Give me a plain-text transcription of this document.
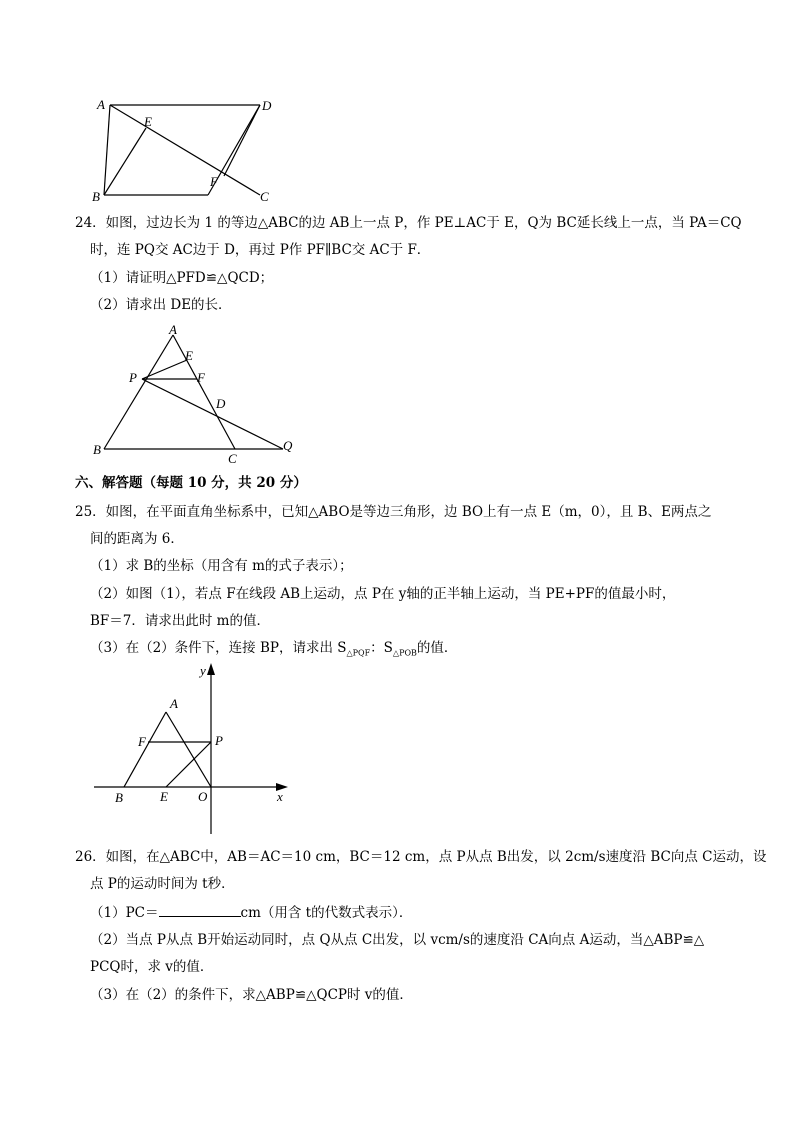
A	D
E
F
B	C
24．如图，过边长为 1 的等边△ABC的边 AB上一点 P，作 PE⊥AC于 E，Q为 BC延长线上一点，当 PA＝CQ
时，连 PQ交 AC边于 D，再过 P作 PF∥BC交 AC于 F．
（1）请证明△PFD≌△QCD；
（2）请求出 DE的长．
A
E
P	F
D
B
C
Q
六、解答题（每题 10 分，共 20 分）
25．如图，在平面直角坐标系中，已知△ABO是等边三角形，边 BO上有一点 E（m，0），且 B、E两点之
间的距离为 6．
（1）求 B的坐标（用含有 m的式子表示）；
（2）如图（1），若点 F在线段 AB上运动，点 P在 y轴的正半轴上运动，当 PE+PF的值最小时，
BF＝7．请求出此时 m的值．
（3）在（2）条件下，连接 BP，请求出 $S_{\triangle PQF}$：$S_{\triangle POB}$的值．
y
x
A
F	P
B	E O
26．如图，在△ABC中，AB＝AC＝10 cm，BC＝12 cm，点 P从点 B出发，以 2cm/s速度沿 BC向点 C运动，设
点 P的运动时间为 t秒．
（1）PC＝	cm（用含 t的代数式表示）．
（2）当点 P从点 B开始运动同时，点 Q从点 C出发，以 vcm/s的速度沿 CA向点 A运动，当△ABP≌△
PCQ时，求 v的值．
（3）在（2）的条件下，求△ABP≌△QCP时 v的值．
